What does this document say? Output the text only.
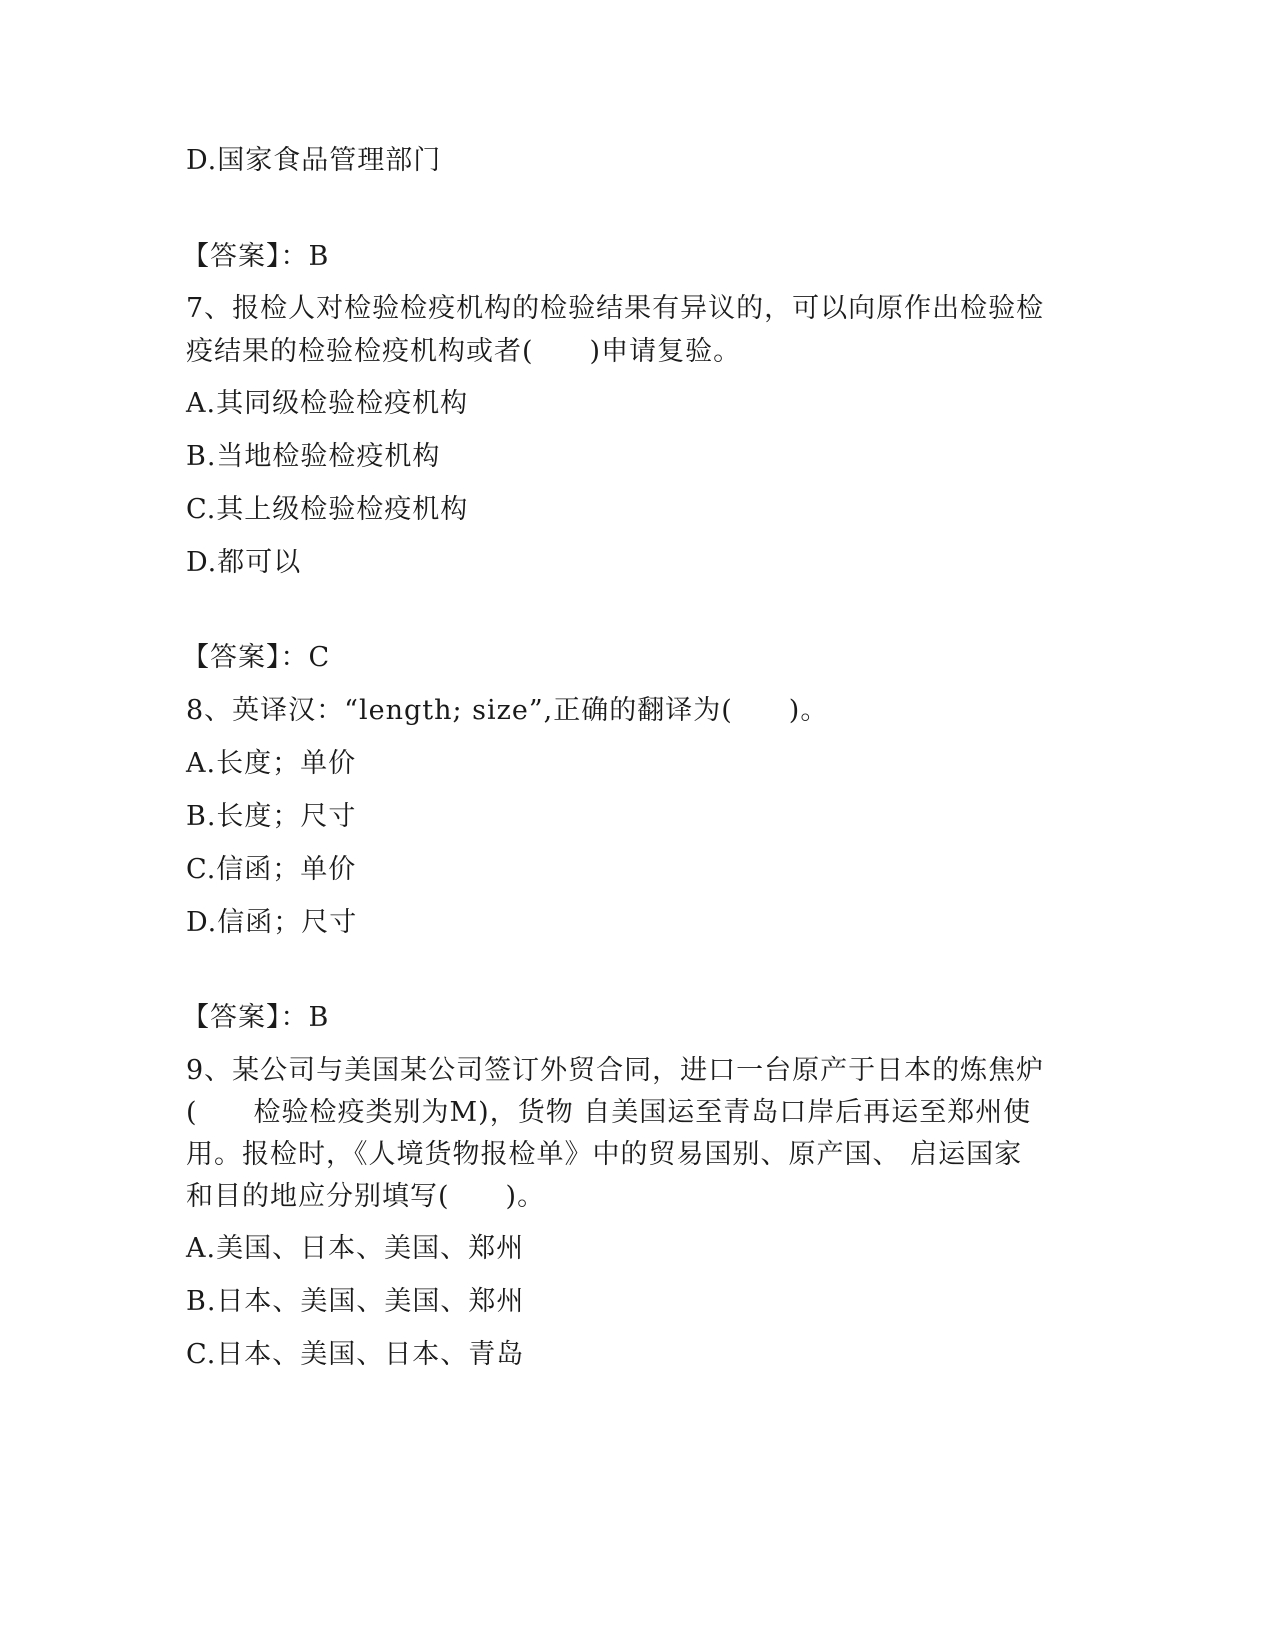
D.国家食品管理部门
【答案】：B
7、报检人对检验检疫机构的检验结果有异议的，可以向原作出检验检
疫结果的检验检疫机构或者(　　)申请复验。
A.其同级检验检疫机构
B.当地检验检疫机构
C.其上级检验检疫机构
D.都可以
【答案】：C
8、英译汉：“length; size”,正确的翻译为(　　)。
A.长度；单价
B.长度；尺寸
C.信函；单价
D.信函；尺寸
【答案】：B
9、某公司与美国某公司签订外贸合同，进口一台原产于日本的炼焦炉
(　　检验检疫类别为M)，货物 自美国运至青岛口岸后再运至郑州使
用。报检时，《人境货物报检单》中的贸易国别、原产国、 启运国家
和目的地应分别填写(　　)。
A.美国、日本、美国、郑州
B.日本、美国、美国、郑州
C.日本、美国、日本、青岛
